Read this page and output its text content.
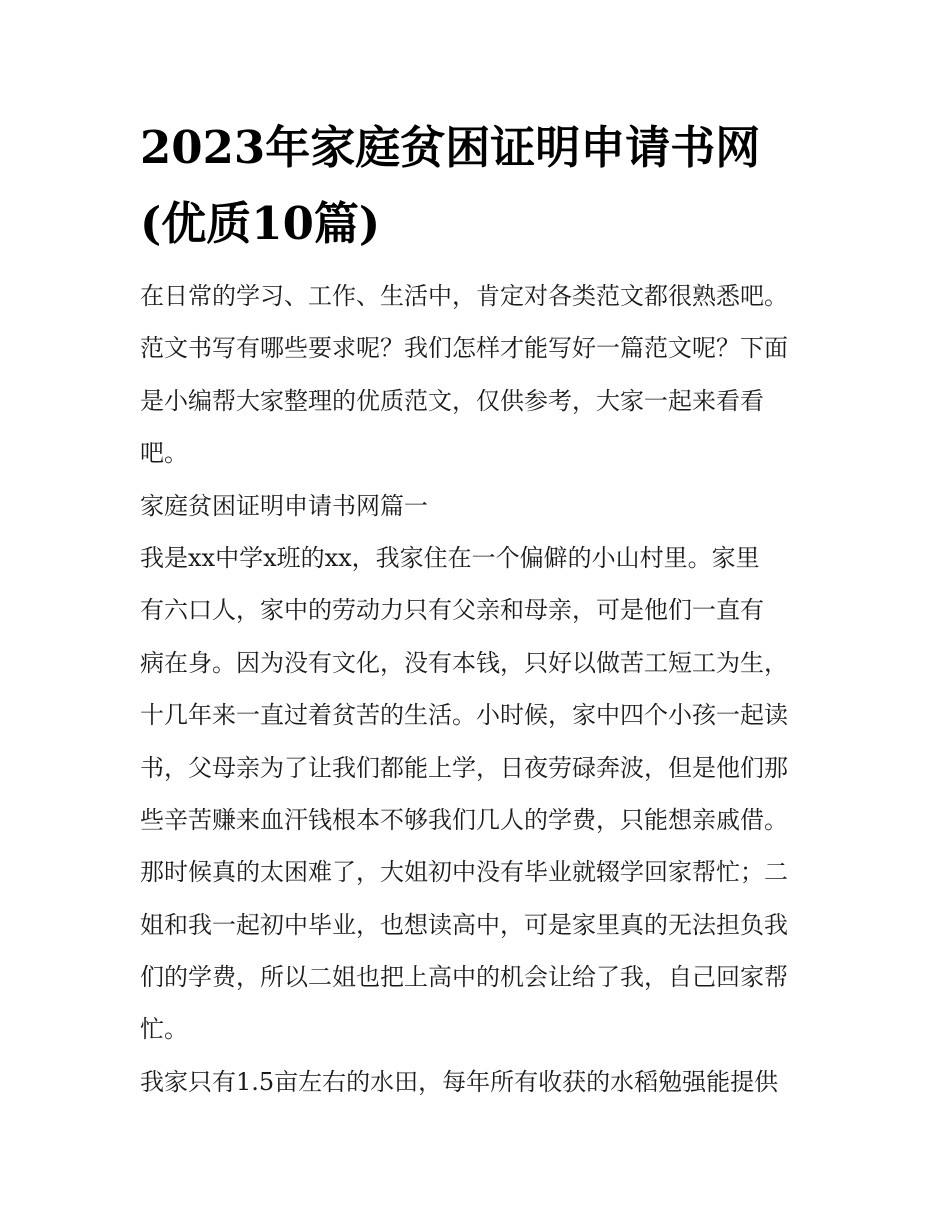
2023年家庭贫困证明申请书网
(优质10篇)
在日常的学习、工作、生活中，肯定对各类范文都很熟悉吧。
范文书写有哪些要求呢？我们怎样才能写好一篇范文呢？下面
是小编帮大家整理的优质范文，仅供参考，大家一起来看看
吧。
家庭贫困证明申请书网篇一
我是xx中学x班的xx，我家住在一个偏僻的小山村里。家里
有六口人，家中的劳动力只有父亲和母亲，可是他们一直有
病在身。因为没有文化，没有本钱，只好以做苦工短工为生，
十几年来一直过着贫苦的生活。小时候，家中四个小孩一起读
书，父母亲为了让我们都能上学，日夜劳碌奔波，但是他们那
些辛苦赚来血汗钱根本不够我们几人的学费，只能想亲戚借。
那时候真的太困难了，大姐初中没有毕业就辍学回家帮忙；二
姐和我一起初中毕业，也想读高中，可是家里真的无法担负我
们的学费，所以二姐也把上高中的机会让给了我，自己回家帮
忙。
我家只有1.5亩左右的水田，每年所有收获的水稻勉强能提供
